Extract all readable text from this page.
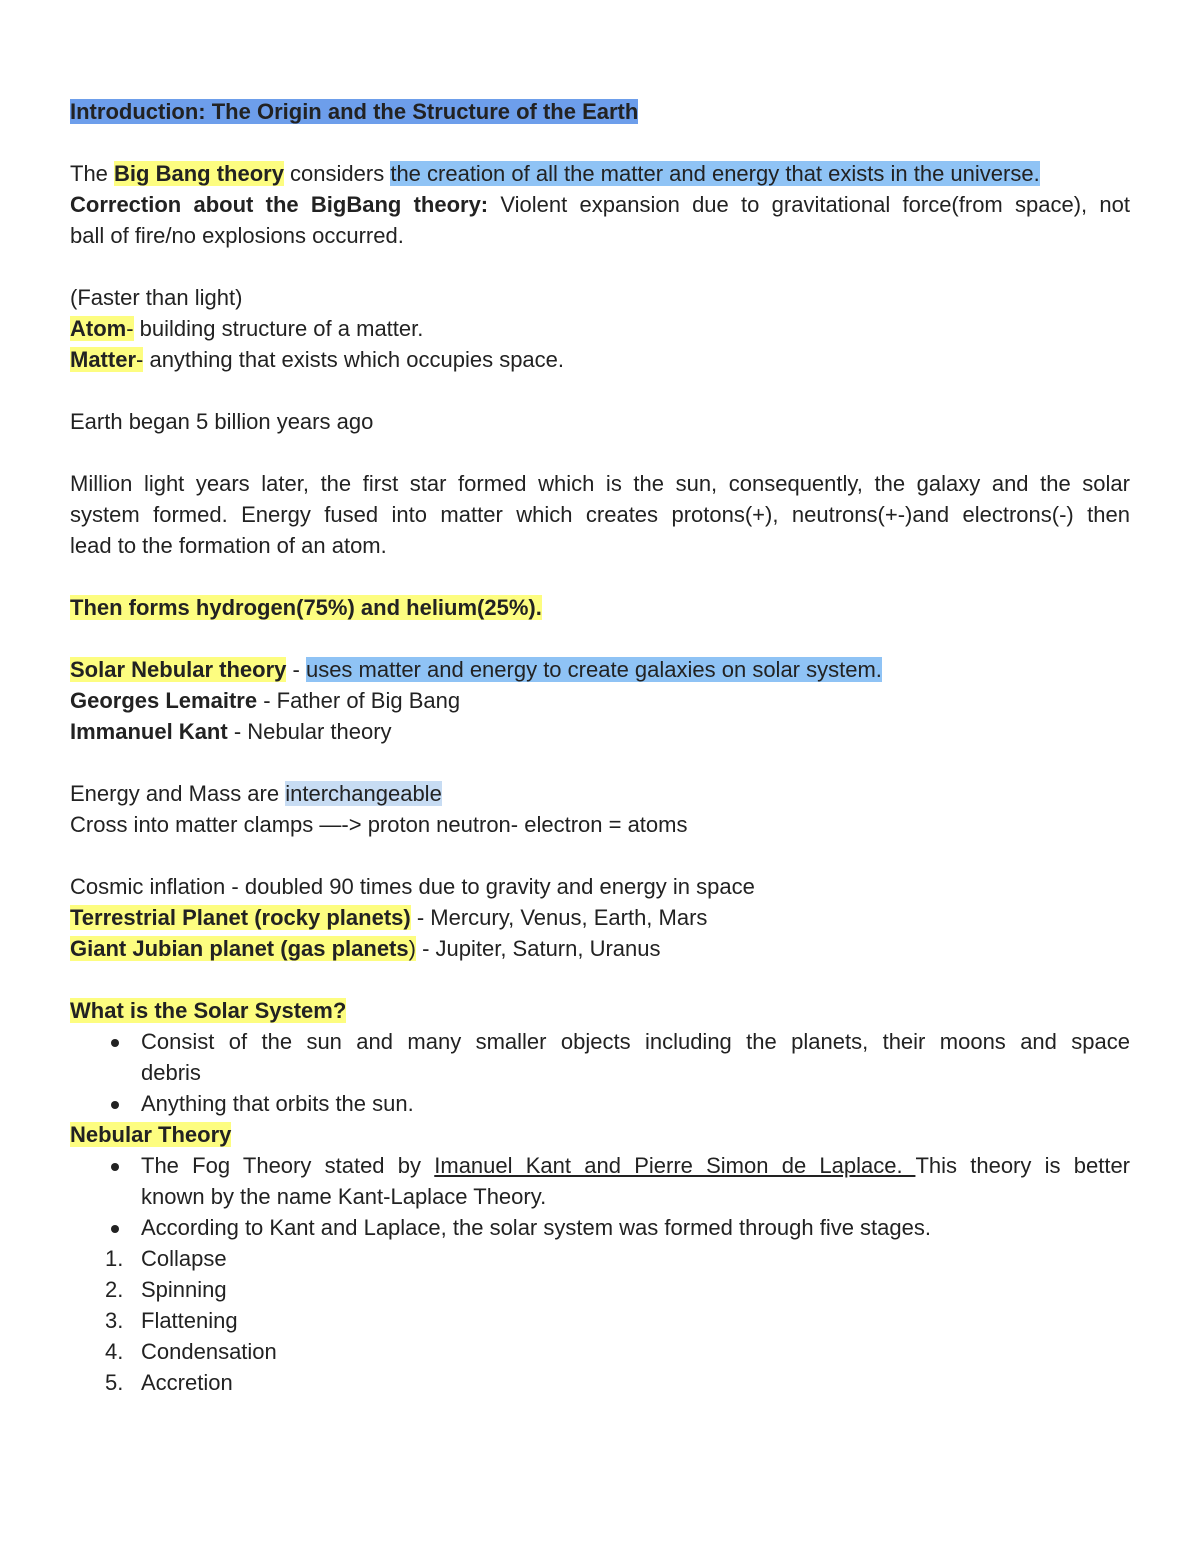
Introduction: The Origin and the Structure of the Earth
The Big Bang theory considers the creation of all the matter and energy that exists in the universe.
Correction about the BigBang theory: Violent expansion due to gravitational force(from space), not
ball of fire/no explosions occurred.
(Faster than light)
Atom- building structure of a matter.
Matter- anything that exists which occupies space.
Earth began 5 billion years ago
Million light years later, the first star formed which is the sun, consequently, the galaxy and the solar
system formed. Energy fused into matter which creates protons(+), neutrons(+-)and electrons(-) then
lead to the formation of an atom.
Then forms hydrogen(75%) and helium(25%).
Solar Nebular theory - uses matter and energy to create galaxies on solar system.
Georges Lemaitre - Father of Big Bang
Immanuel Kant - Nebular theory
Energy and Mass are interchangeable
Cross into matter clamps —-> proton neutron- electron = atoms
Cosmic inflation - doubled 90 times due to gravity and energy in space
Terrestrial Planet (rocky planets) - Mercury, Venus, Earth, Mars
Giant Jubian planet (gas planets) - Jupiter, Saturn, Uranus
What is the Solar System?
Consist of the sun and many smaller objects including the planets, their moons and space
debris
Anything that orbits the sun.
Nebular Theory
The Fog Theory stated by Imanuel Kant and Pierre Simon de Laplace. This theory is better
known by the name Kant-Laplace Theory.
According to Kant and Laplace, the solar system was formed through five stages.
1. Collapse
2. Spinning
3. Flattening
4. Condensation
5. Accretion
